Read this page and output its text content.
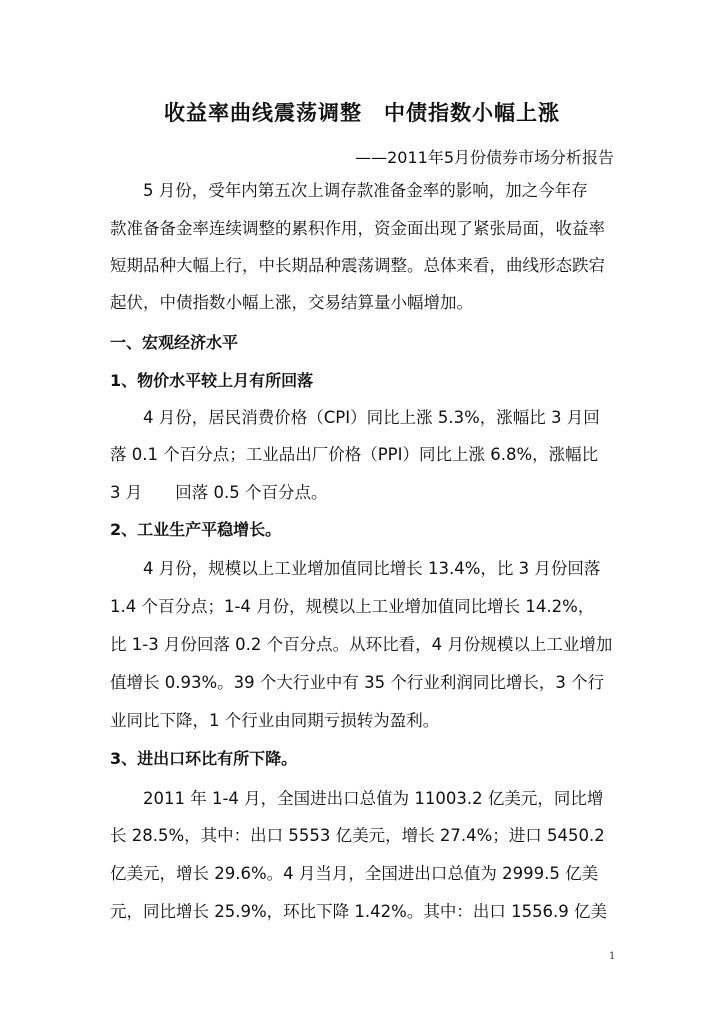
收益率曲线震荡调整 中债指数小幅上涨
——2011年5月份债券市场分析报告
5 月份，受年内第五次上调存款准备金率的影响，加之今年存
款准备备金率连续调整的累积作用，资金面出现了紧张局面，收益率
短期品种大幅上行，中长期品种震荡调整。总体来看，曲线形态跌宕
起伏，中债指数小幅上涨，交易结算量小幅增加。
一、宏观经济水平
1、物价水平较上月有所回落
4 月份，居民消费价格（CPI）同比上涨 5.3%，涨幅比 3 月回
落 0.1 个百分点；工业品出厂价格（PPI）同比上涨 6.8%，涨幅比
3 月　　回落 0.5 个百分点。
2、工业生产平稳增长。
4 月份，规模以上工业增加值同比增长 13.4%，比 3 月份回落
1.4 个百分点；1-4 月份，规模以上工业增加值同比增长 14.2%，
比 1-3 月份回落 0.2 个百分点。从环比看，4 月份规模以上工业增加
值增长 0.93%。39 个大行业中有 35 个行业利润同比增长，3 个行
业同比下降，1 个行业由同期亏损转为盈利。
3、进出口环比有所下降。
2011 年 1-4 月，全国进出口总值为 11003.2 亿美元，同比增
长 28.5%，其中：出口 5553 亿美元，增长 27.4%；进口 5450.2
亿美元，增长 29.6%。4 月当月，全国进出口总值为 2999.5 亿美
元，同比增长 25.9%，环比下降 1.42%。其中：出口 1556.9 亿美
1
